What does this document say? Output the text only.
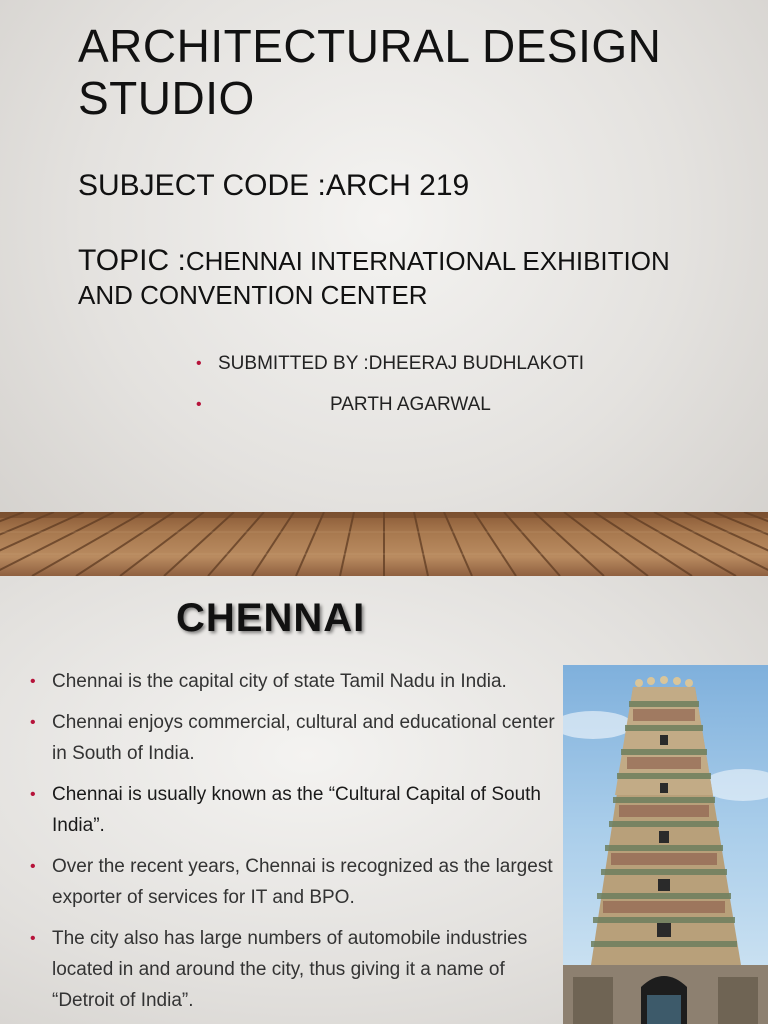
ARCHITECTURAL DESIGN
STUDIO
SUBJECT CODE :ARCH 219
TOPIC :CHENNAI INTERNATIONAL EXHIBITION
AND CONVENTION CENTER
• SUBMITTED BY :DHEERAJ BUDHLAKOTI
•	PARTH AGARWAL
CHENNAI
• Chennai is the capital city of state Tamil Nadu in India.
• Chennai enjoys commercial, cultural and educational center in South of India.
• Chennai is usually known as the “Cultural Capital of South India”.
• Over the recent years, Chennai is recognized as the largest exporter of services for IT and BPO.
• The city also has large numbers of automobile industries located in and around the city, thus giving it a name of “Detroit of India”.
